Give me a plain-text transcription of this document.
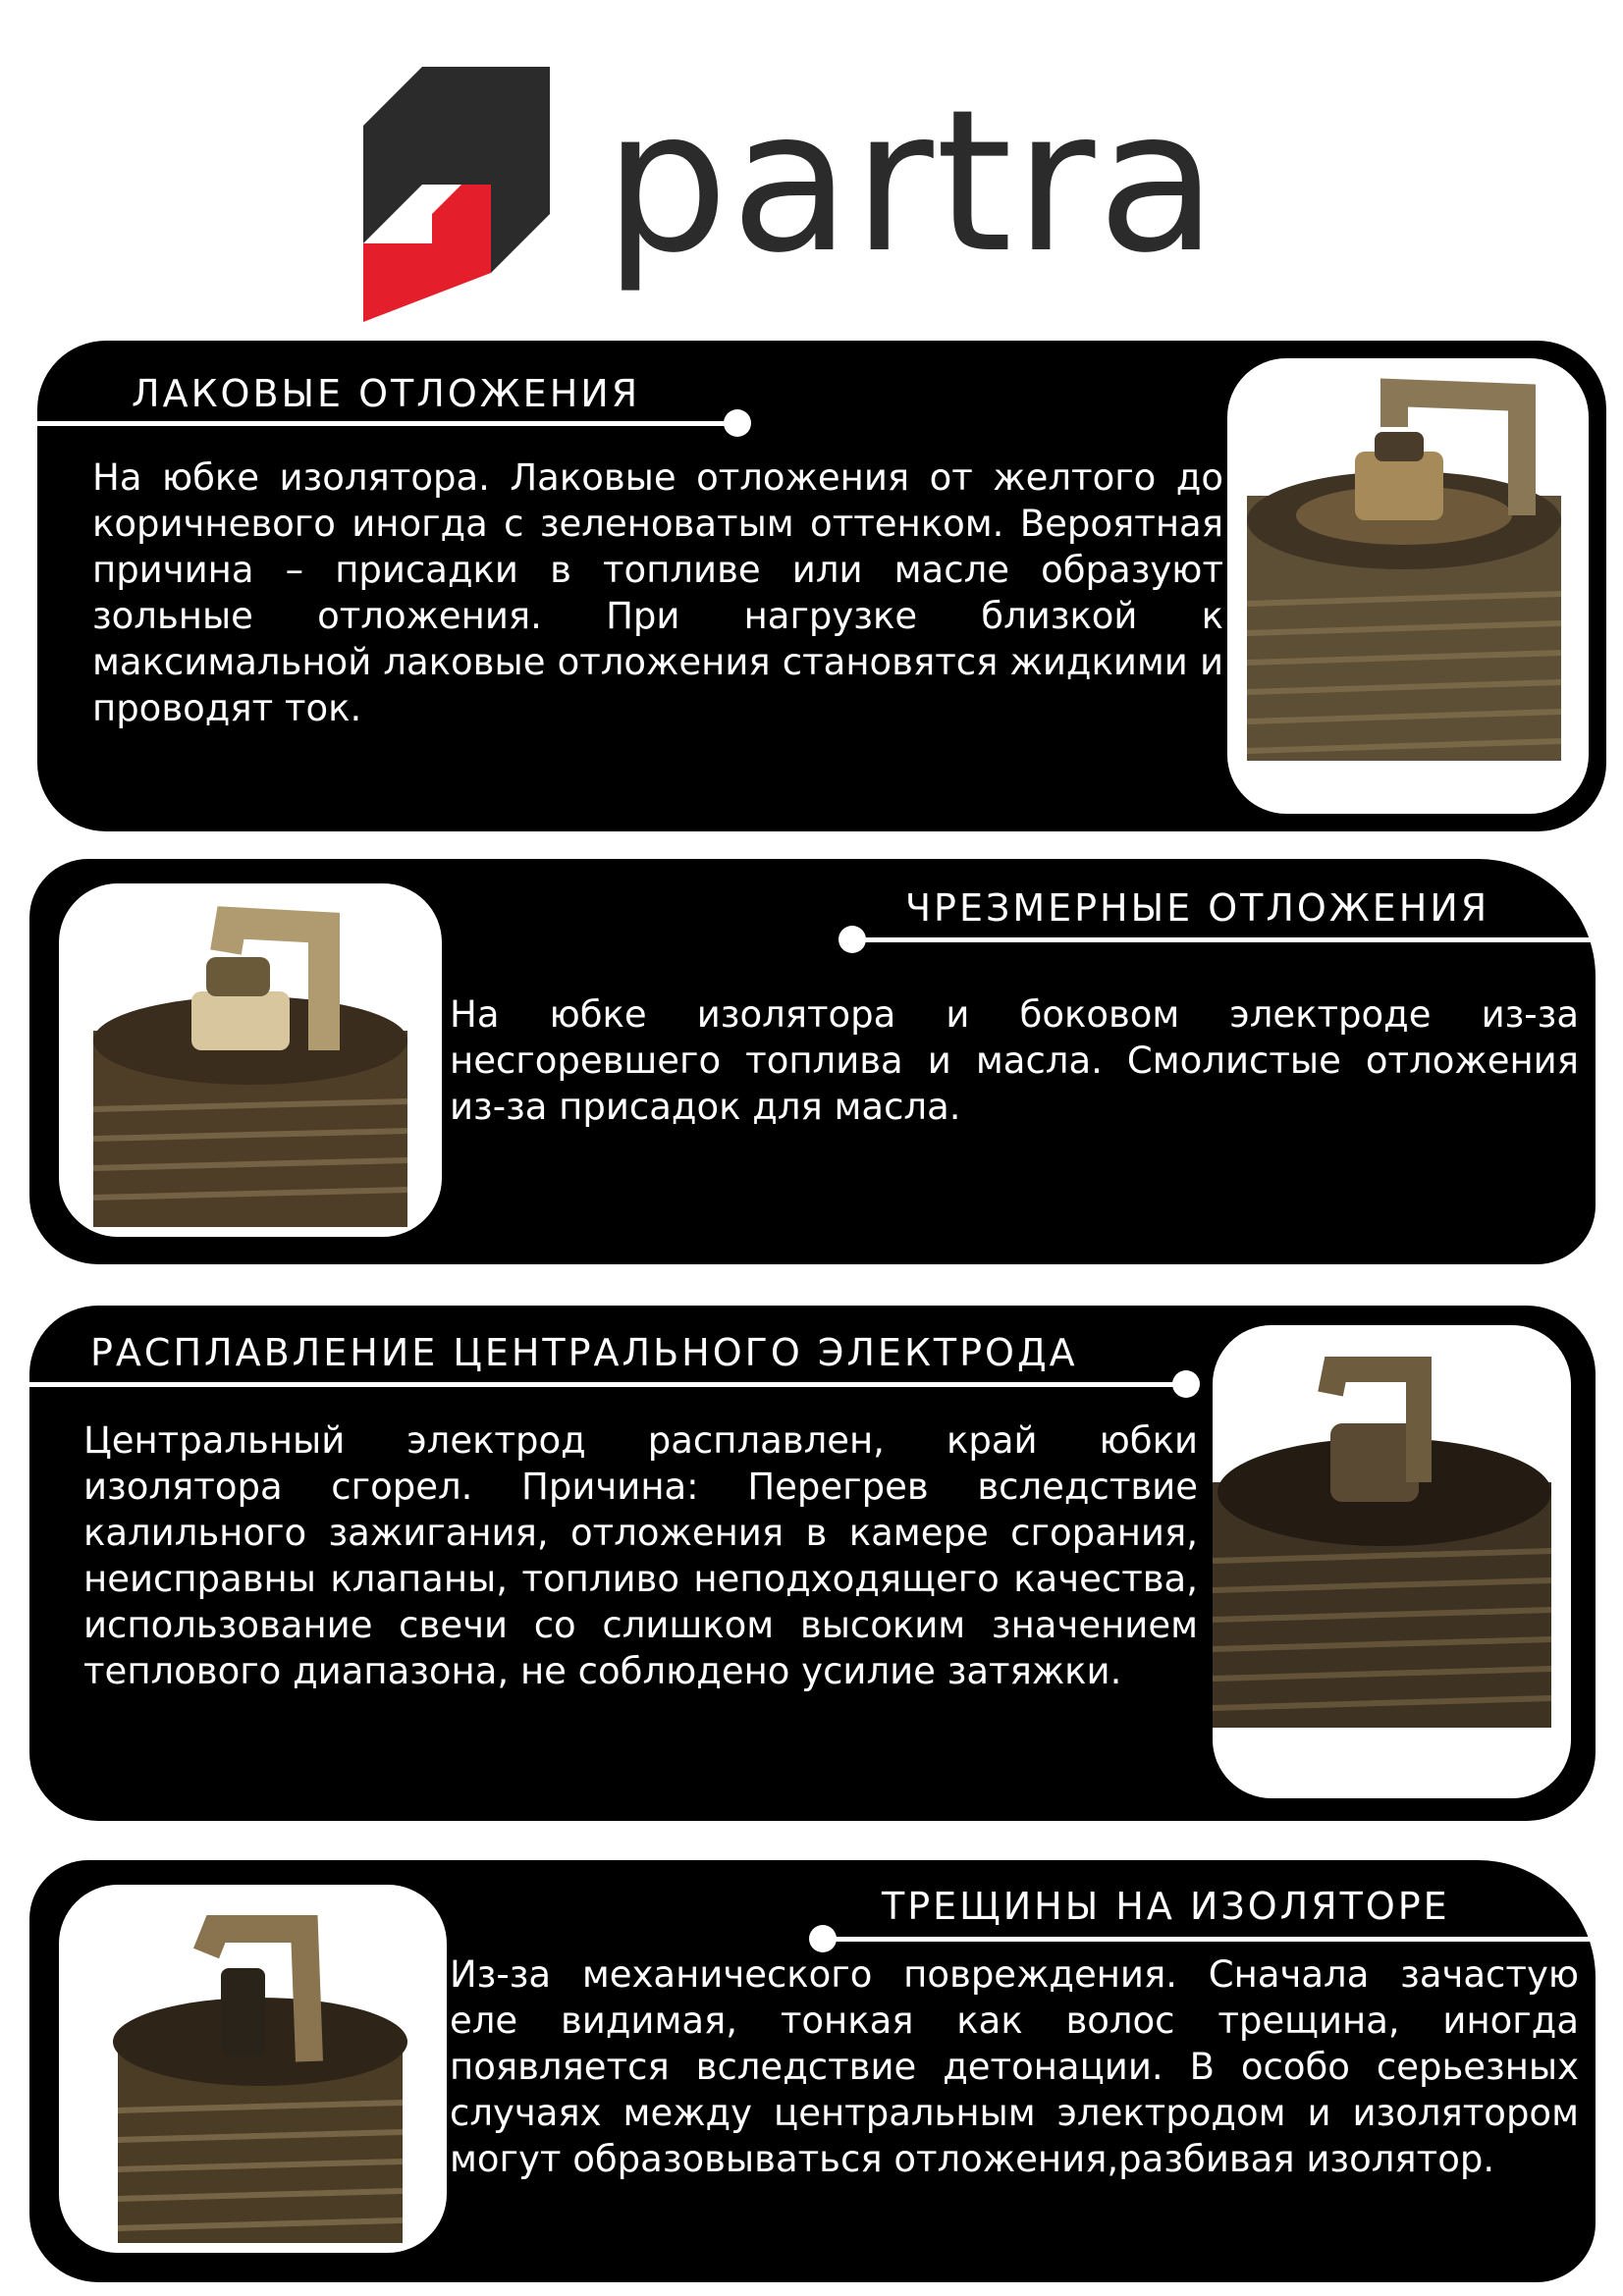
partra
ЛАКОВЫЕ ОТЛОЖЕНИЯ
На юбке изолятора. Лаковые отложения от желтого до коричневого иногда с зеленоватым оттенком. Вероятная причина – присадки в топливе или масле образуют зольные отложения. При нагрузке близкой к максимальной лаковые отложения становятся жидкими и проводят ток.
ЧРЕЗМЕРНЫЕ ОТЛОЖЕНИЯ
На юбке изолятора и боковом электроде из-за несгоревшего топлива и масла. Смолистые отложения из-за присадок для масла.
РАСПЛАВЛЕНИЕ ЦЕНТРАЛЬНОГО ЭЛЕКТРОДА
Центральный электрод расплавлен, край юбки изолятора сгорел. Причина: Перегрев вследствие калильного зажигания, отложения в камере сгорания, неисправны клапаны, топливо неподходящего качества, использование свечи со слишком высоким значением теплового диапазона, не соблюдено усилие затяжки.
ТРЕЩИНЫ НА ИЗОЛЯТОРЕ
Из-за механического повреждения. Сначала зачастую еле видимая, тонкая как волос трещина, иногда появляется вследствие детонации. В особо серьезных случаях между центральным электродом и изолятором могут образовываться отложения,разбивая изолятор.
